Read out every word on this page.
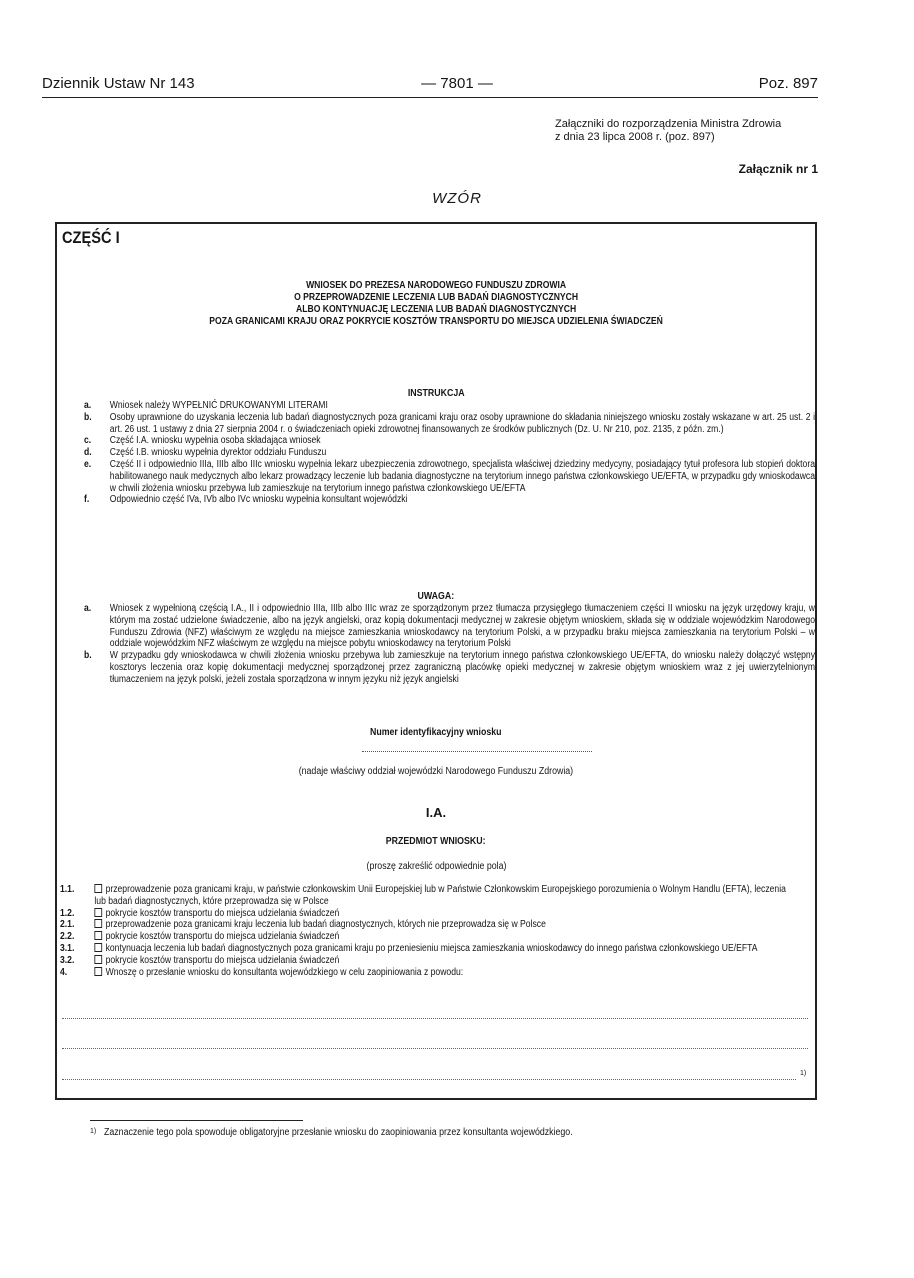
Dziennik Ustaw Nr 143	— 7801 —	Poz. 897
Załączniki do rozporządzenia Ministra Zdrowia
z dnia 23 lipca 2008 r. (poz. 897)
Załącznik nr 1
WZÓR
CZĘŚĆ I
WNIOSEK DO PREZESA NARODOWEGO FUNDUSZU ZDROWIA
O PRZEPROWADZENIE LECZENIA LUB BADAŃ DIAGNOSTYCZNYCH
ALBO KONTYNUACJĘ LECZENIA LUB BADAŃ DIAGNOSTYCZNYCH
POZA GRANICAMI KRAJU ORAZ POKRYCIE KOSZTÓW TRANSPORTU DO MIEJSCA UDZIELENIA ŚWIADCZEŃ
INSTRUKCJA
a. Wniosek należy WYPEŁNIĆ DRUKOWANYMI LITERAMI
b. Osoby uprawnione do uzyskania leczenia lub badań diagnostycznych poza granicami kraju oraz osoby uprawnione do składania niniejszego wniosku zostały wskazane w art. 25 ust. 2 i art. 26 ust. 1 ustawy z dnia 27 sierpnia 2004 r. o świadczeniach opieki zdrowotnej finansowanych ze środków publicznych (Dz. U. Nr 210, poz. 2135, z późn. zm.)
c. Część I.A. wniosku wypełnia osoba składająca wniosek
d. Część I.B. wniosku wypełnia dyrektor oddziału Funduszu
e. Część II i odpowiednio IIIa, IIIb albo IIIc wniosku wypełnia lekarz ubezpieczenia zdrowotnego, specjalista właściwej dziedziny medycyny, posiadający tytuł profesora lub stopień doktora habilitowanego nauk medycznych albo lekarz prowadzący leczenie lub badania diagnostyczne na terytorium innego państwa członkowskiego UE/EFTA, w przypadku gdy wnioskodawca w chwili złożenia wniosku przebywa lub zamieszkuje na terytorium innego państwa członkowskiego UE/EFTA
f. Odpowiednio część IVa, IVb albo IVc wniosku wypełnia konsultant wojewódzki
UWAGA:
a. Wniosek z wypełnioną częścią I.A., II i odpowiednio IIIa, IIIb albo IIIc wraz ze sporządzonym przez tłumacza przysięgłego tłumaczeniem części II wniosku na język urzędowy kraju, w którym ma zostać udzielone świadczenie, albo na język angielski, oraz kopią dokumentacji medycznej w zakresie objętym wnioskiem, składa się w oddziale wojewódzkim Narodowego Funduszu Zdrowia (NFZ) właściwym ze względu na miejsce zamieszkania wnioskodawcy na terytorium Polski, a w przypadku braku miejsca zamieszkania na terytorium Polski – w oddziale wojewódzkim NFZ właściwym ze względu na miejsce pobytu wnioskodawcy na terytorium Polski
b. W przypadku gdy wnioskodawca w chwili złożenia wniosku przebywa lub zamieszkuje na terytorium innego państwa członkowskiego UE/EFTA, do wniosku należy dołączyć wstępny kosztorys leczenia oraz kopię dokumentacji medycznej sporządzonej przez zagraniczną placówkę opieki medycznej w zakresie objętym wnioskiem wraz z jej uwierzytelnionym tłumaczeniem na język polski, jeżeli została sporządzona w innym języku niż język angielski
Numer identyfikacyjny wniosku
(nadaje właściwy oddział wojewódzki Narodowego Funduszu Zdrowia)
I.A.
PRZEDMIOT WNIOSKU:
(proszę zakreślić odpowiednie pola)
1.1.	przeprowadzenie poza granicami kraju, w państwie członkowskim Unii Europejskiej lub w Państwie Członkowskim Europejskiego porozumienia o Wolnym Handlu (EFTA), leczenia lub badań diagnostycznych, które przeprowadza się w Polsce
1.2.	pokrycie kosztów transportu do miejsca udzielania świadczeń
2.1.	przeprowadzenie poza granicami kraju leczenia lub badań diagnostycznych, których nie przeprowadza się w Polsce
2.2.	pokrycie kosztów transportu do miejsca udzielania świadczeń
3.1.	kontynuacja leczenia lub badań diagnostycznych poza granicami kraju po przeniesieniu miejsca zamieszkania wnioskodawcy do innego państwa członkowskiego UE/EFTA
3.2.	pokrycie kosztów transportu do miejsca udzielania świadczeń
4.	Wnoszę o przesłanie wniosku do konsultanta wojewódzkiego w celu zaopiniowania z powodu:
1)
1) Zaznaczenie tego pola spowoduje obligatoryjne przesłanie wniosku do zaopiniowania przez konsultanta wojewódzkiego.
